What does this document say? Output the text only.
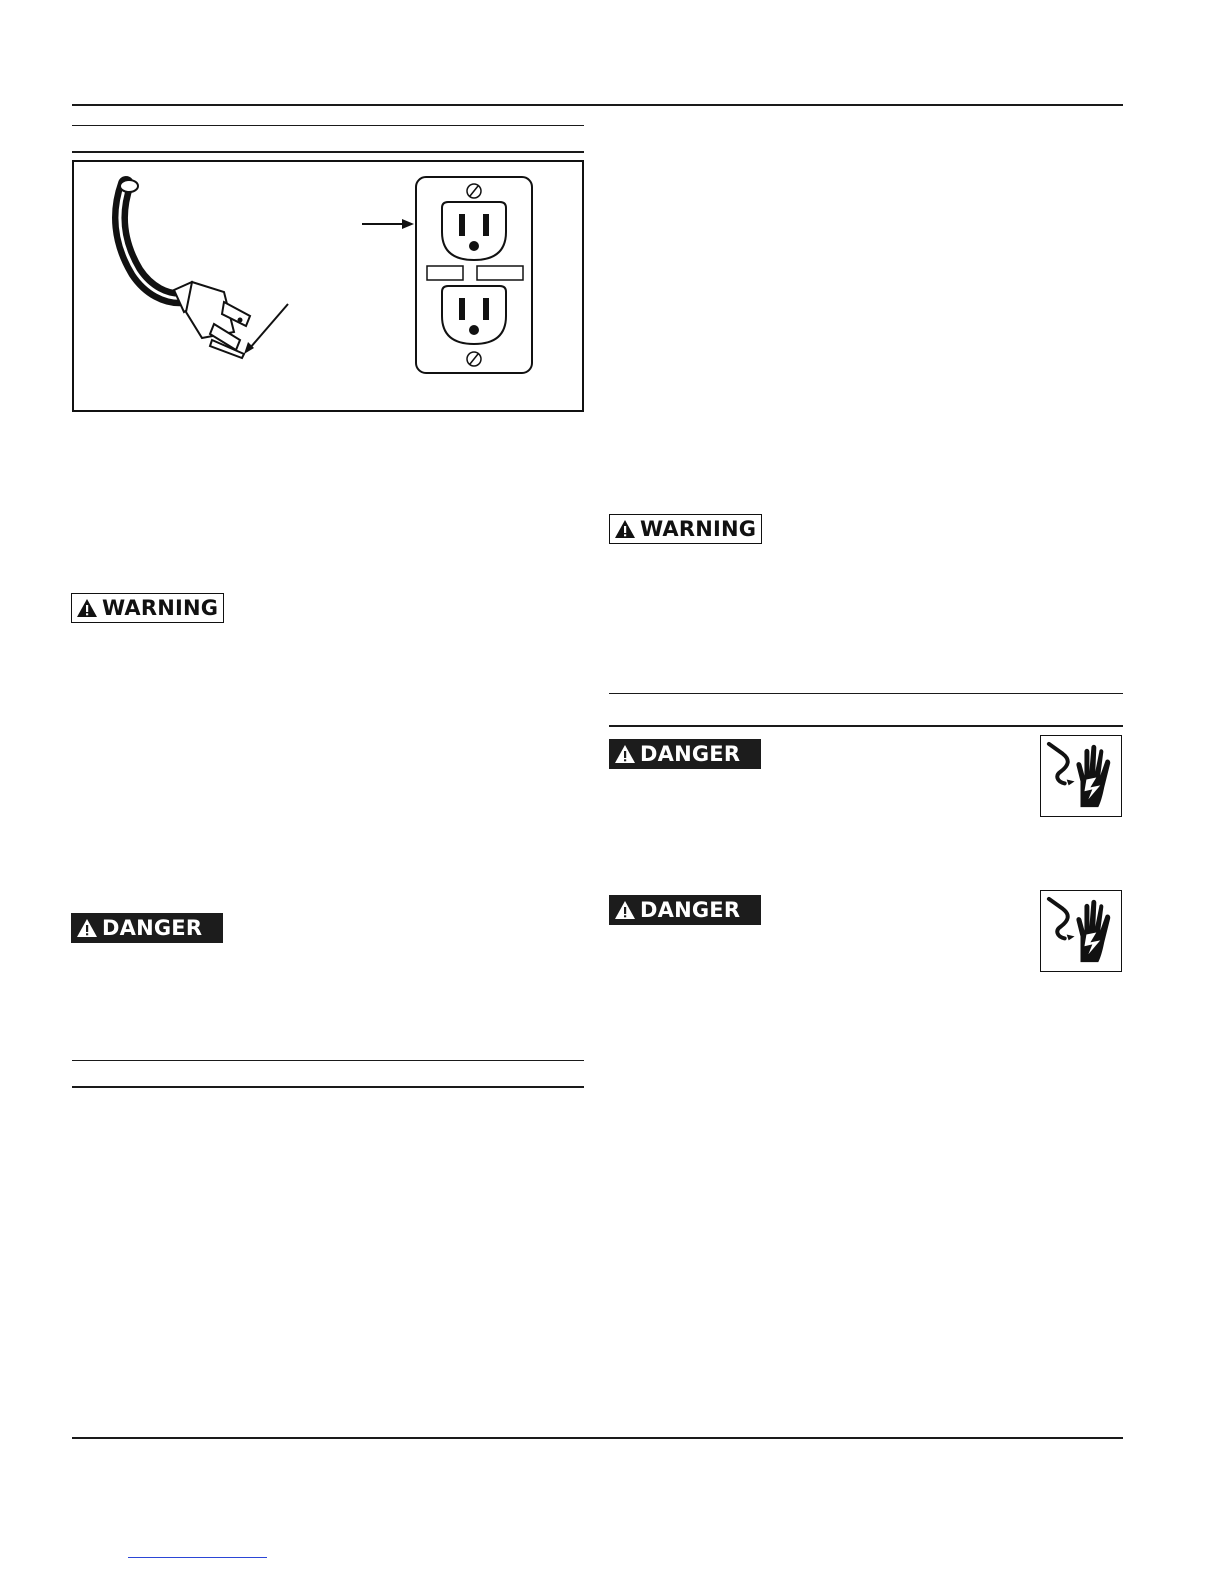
WARNING
DANGER
WARNING
DANGER
DANGER
